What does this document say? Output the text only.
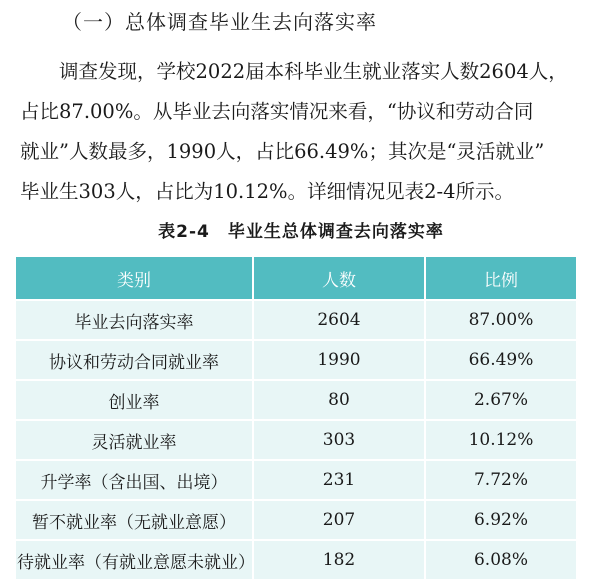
（一）总体调查毕业生去向落实率
调查发现，学校2022届本科毕业生就业落实人数2604人，
占比87.00%。从毕业去向落实情况来看，“协议和劳动合同
就业”人数最多，1990人，占比66.49%；其次是“灵活就业”
毕业生303人，占比为10.12%。详细情况见表2-4所示。
表2-4　毕业生总体调查去向落实率
类别	人数	比例
毕业去向落实率	2604	87.00%
协议和劳动合同就业率	1990	66.49%
创业率	80	2.67%
灵活就业率	303	10.12%
升学率（含出国、出境）	231	7.72%
暂不就业率（无就业意愿）	207	6.92%
待就业率（有就业意愿未就业）	182	6.08%
